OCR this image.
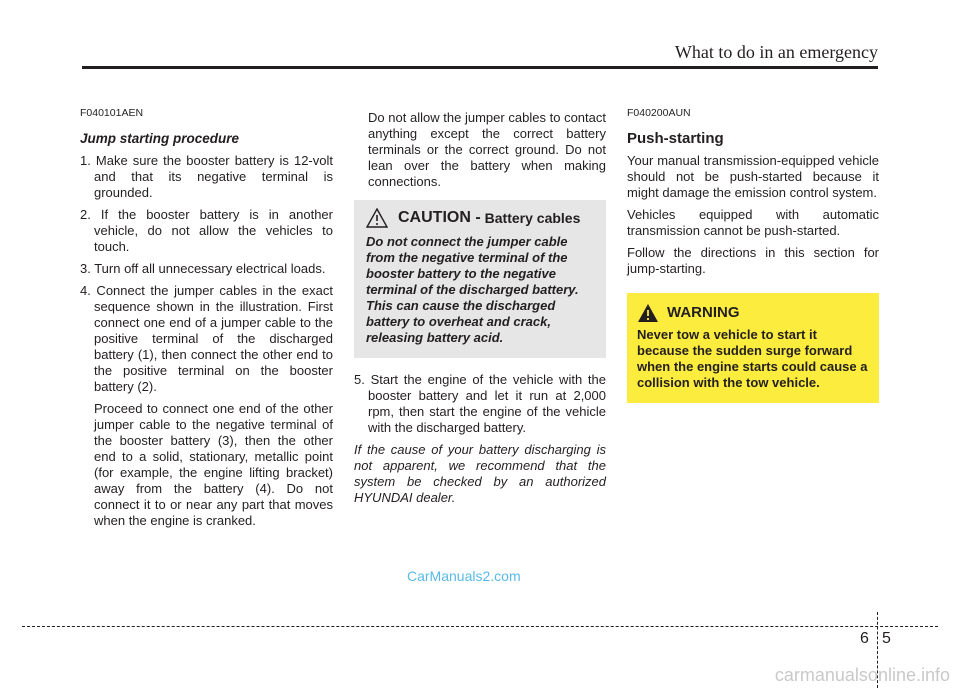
What to do in an emergency
F040101AEN
Jump starting procedure
1. Make sure the booster battery is 12-volt and that its negative terminal is grounded.
2. If the booster battery is in another vehicle, do not allow the vehicles to touch.
3. Turn off all unnecessary electrical loads.
4. Connect the jumper cables in the exact sequence shown in the illustration. First connect one end of a jumper cable to the positive terminal of the discharged battery (1), then connect the other end to the positive terminal on the booster battery (2).

Proceed to connect one end of the other jumper cable to the negative terminal of the booster battery (3), then the other end to a solid, stationary, metallic point (for example, the engine lifting bracket) away from the battery (4). Do not connect it to or near any part that moves when the engine is cranked.

Do not allow the jumper cables to contact anything except the correct battery terminals or the correct ground. Do not lean over the battery when making connections.

CAUTION - Battery cables
Do not connect the jumper cable from the negative terminal of the booster battery to the negative terminal of the discharged battery. This can cause the discharged battery to overheat and crack, releasing battery acid.
5. Start the engine of the vehicle with the booster battery and let it run at 2,000 rpm, then start the engine of the vehicle with the discharged battery.

If the cause of your battery discharging is not apparent, we recommend that the system be checked by an authorized HYUNDAI dealer.

F040200AUN
Push-starting

Your manual transmission-equipped vehicle should not be push-started because it might damage the emission control system.

Vehicles equipped with automatic transmission cannot be push-started.

Follow the directions in this section for jump-starting.

WARNING
Never tow a vehicle to start it because the sudden surge forward when the engine starts could cause a collision with the tow vehicle.
CarManuals2.com
6 5
carmanualsonline.info
